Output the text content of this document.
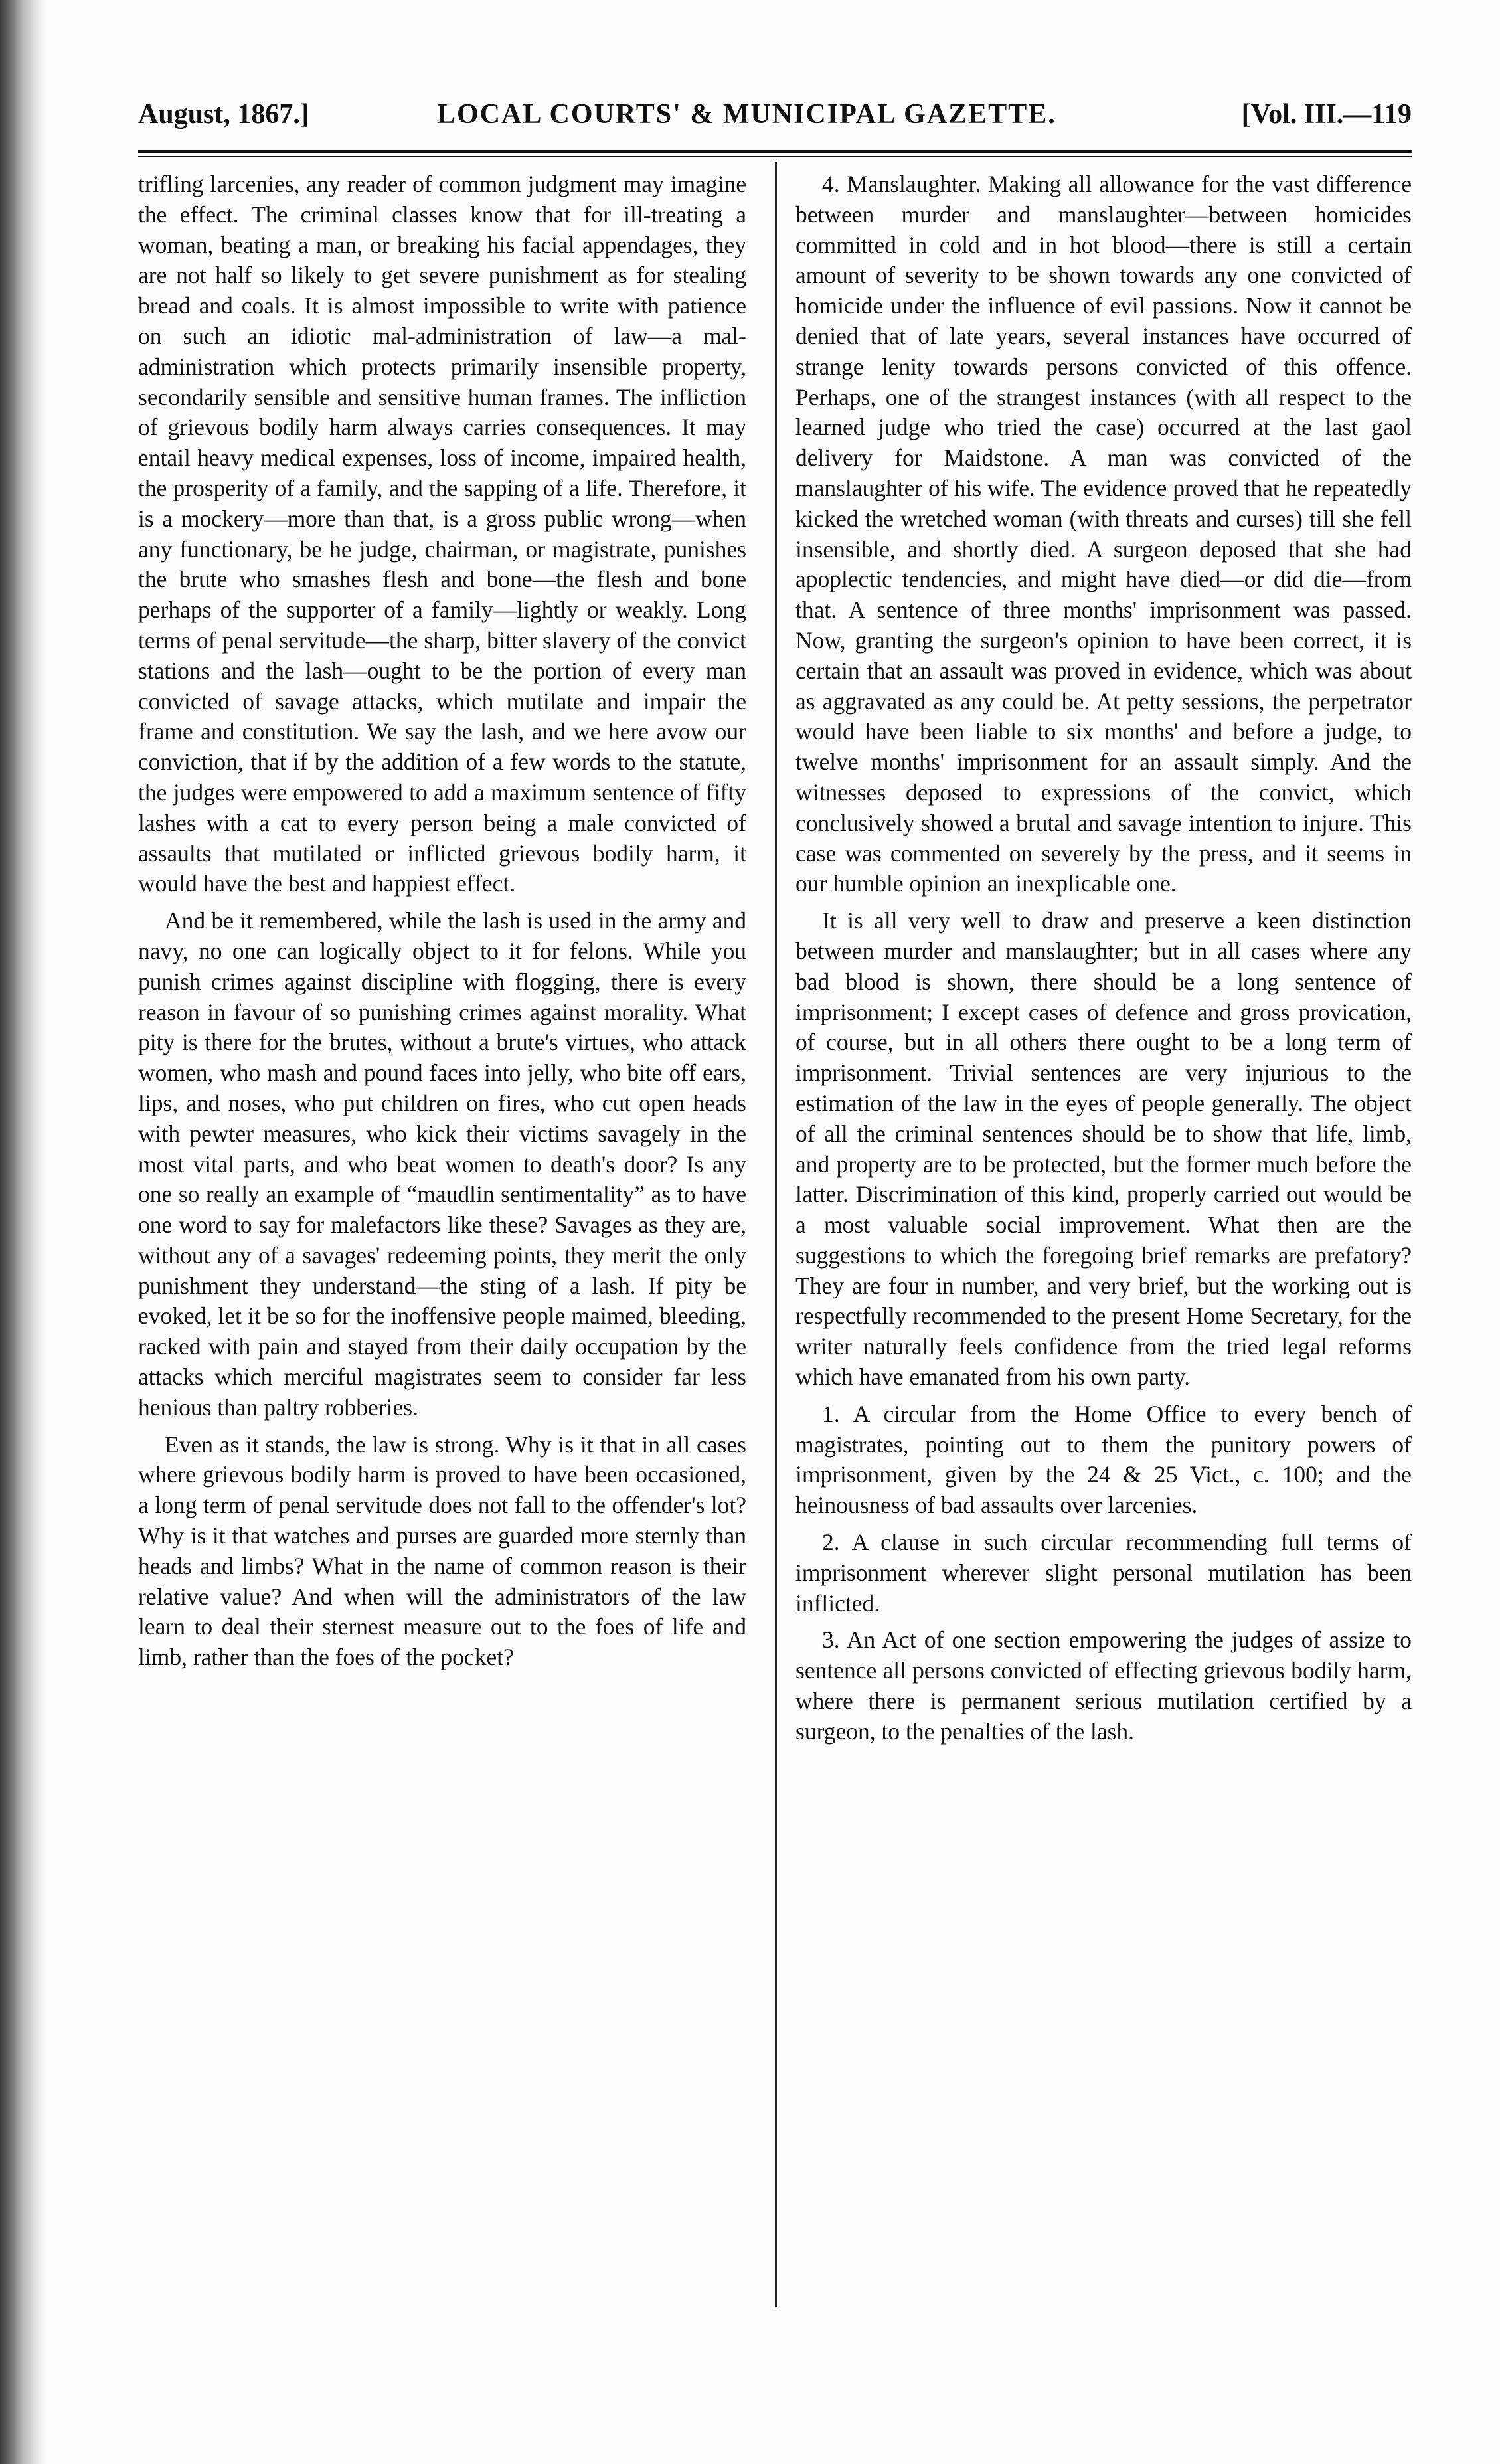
August, 1867.]	LOCAL COURTS' & MUNICIPAL GAZETTE.	[Vol. III.—119

trifling larcenies, any reader of common judgment may imagine the effect. The criminal classes know that for ill-treating a woman, beating a man, or breaking his facial appendages, they are not half so likely to get severe punishment as for stealing bread and coals. It is almost impossible to write with patience on such an idiotic mal-administration of law—a mal-administration which protects primarily insensible property, secondarily sensible and sensitive human frames. The infliction of grievous bodily harm always carries consequences. It may entail heavy medical expenses, loss of income, impaired health, the prosperity of a family, and the sapping of a life. Therefore, it is a mockery—more than that, is a gross public wrong—when any functionary, be he judge, chairman, or magistrate, punishes the brute who smashes flesh and bone—the flesh and bone perhaps of the supporter of a family—lightly or weakly. Long terms of penal servitude—the sharp, bitter slavery of the convict stations and the lash—ought to be the portion of every man convicted of savage attacks, which mutilate and impair the frame and constitution. We say the lash, and we here avow our conviction, that if by the addition of a few words to the statute, the judges were empowered to add a maximum sentence of fifty lashes with a cat to every person being a male convicted of assaults that mutilated or inflicted grievous bodily harm, it would have the best and happiest effect.

And be it remembered, while the lash is used in the army and navy, no one can logically object to it for felons. While you punish crimes against discipline with flogging, there is every reason in favour of so punishing crimes against morality. What pity is there for the brutes, without a brute's virtues, who attack women, who mash and pound faces into jelly, who bite off ears, lips, and noses, who put children on fires, who cut open heads with pewter measures, who kick their victims savagely in the most vital parts, and who beat women to death's door? Is any one so really an example of “maudlin sentimentality” as to have one word to say for malefactors like these? Savages as they are, without any of a savages' redeeming points, they merit the only punishment they understand—the sting of a lash. If pity be evoked, let it be so for the inoffensive people maimed, bleeding, racked with pain and stayed from their daily occupation by the attacks which merciful magistrates seem to consider far less henious than paltry robberies.

Even as it stands, the law is strong. Why is it that in all cases where grievous bodily harm is proved to have been occasioned, a long term of penal servitude does not fall to the offender's lot? Why is it that watches and purses are guarded more sternly than heads and limbs? What in the name of common reason is their relative value? And when will the administrators of the law learn to deal their sternest measure out to the foes of life and limb, rather than the foes of the pocket?

4. Manslaughter. Making all allowance for the vast difference between murder and manslaughter—between homicides committed in cold and in hot blood—there is still a certain amount of severity to be shown towards any one convicted of homicide under the influence of evil passions. Now it cannot be denied that of late years, several instances have occurred of strange lenity towards persons convicted of this offence. Perhaps, one of the strangest instances (with all respect to the learned judge who tried the case) occurred at the last gaol delivery for Maidstone. A man was convicted of the manslaughter of his wife. The evidence proved that he repeatedly kicked the wretched woman (with threats and curses) till she fell insensible, and shortly died. A surgeon deposed that she had apoplectic tendencies, and might have died—or did die—from that. A sentence of three months' imprisonment was passed. Now, granting the surgeon's opinion to have been correct, it is certain that an assault was proved in evidence, which was about as aggravated as any could be. At petty sessions, the perpetrator would have been liable to six months' and before a judge, to twelve months' imprisonment for an assault simply. And the witnesses deposed to expressions of the convict, which conclusively showed a brutal and savage intention to injure. This case was commented on severely by the press, and it seems in our humble opinion an inexplicable one.

It is all very well to draw and preserve a keen distinction between murder and manslaughter; but in all cases where any bad blood is shown, there should be a long sentence of imprisonment; I except cases of defence and gross provication, of course, but in all others there ought to be a long term of imprisonment. Trivial sentences are very injurious to the estimation of the law in the eyes of people generally. The object of all the criminal sentences should be to show that life, limb, and property are to be protected, but the former much before the latter. Discrimination of this kind, properly carried out would be a most valuable social improvement. What then are the suggestions to which the foregoing brief remarks are prefatory? They are four in number, and very brief, but the working out is respectfully recommended to the present Home Secretary, for the writer naturally feels confidence from the tried legal reforms which have emanated from his own party.

1. A circular from the Home Office to every bench of magistrates, pointing out to them the punitory powers of imprisonment, given by the 24 & 25 Vict., c. 100; and the heinousness of bad assaults over larcenies.

2. A clause in such circular recommending full terms of imprisonment wherever slight personal mutilation has been inflicted.

3. An Act of one section empowering the judges of assize to sentence all persons convicted of effecting grievous bodily harm, where there is permanent serious mutilation certified by a surgeon, to the penalties of the lash.
